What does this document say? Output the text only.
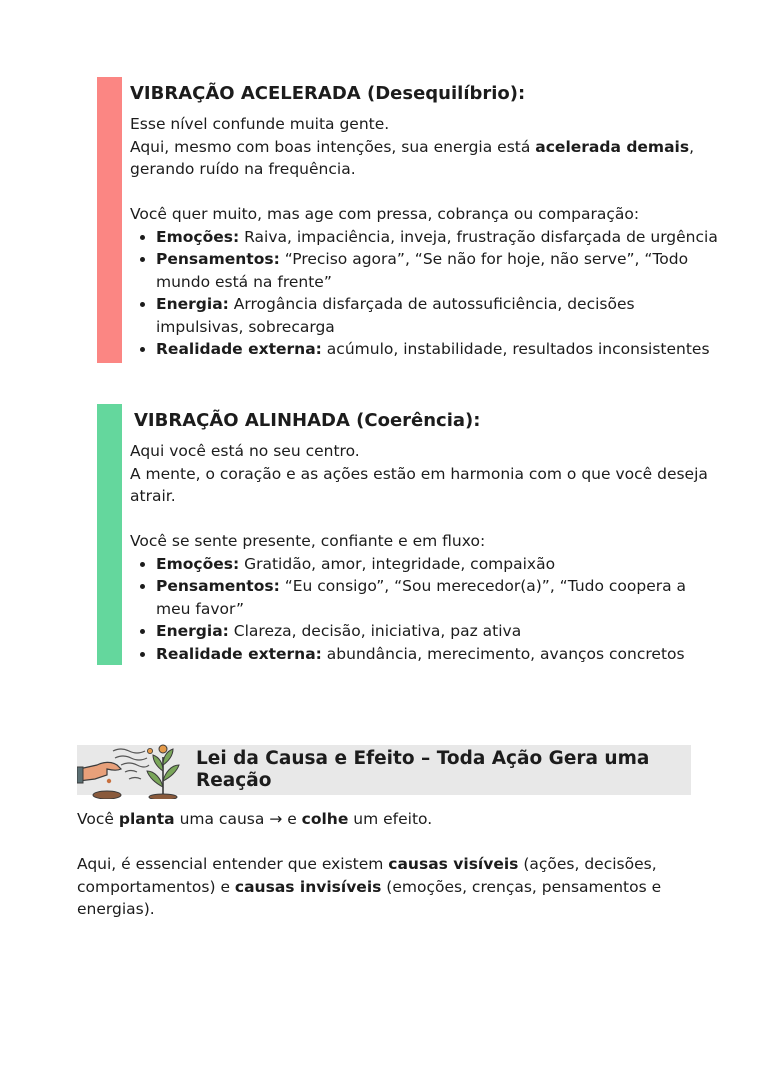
VIBRAÇÃO ACELERADA (Desequilíbrio):

Esse nível confunde muita gente.

Aqui, mesmo com boas intenções, sua energia está acelerada demais, gerando ruído na frequência.

Você quer muito, mas age com pressa, cobrança ou comparação:

• Emoções: Raiva, impaciência, inveja, frustração disfarçada de urgência
• Pensamentos: “Preciso agora”, “Se não for hoje, não serve”, “Todo mundo está na frente”
• Energia: Arrogância disfarçada de autossuficiência, decisões impulsivas, sobrecarga
• Realidade externa: acúmulo, instabilidade, resultados inconsistentes
VIBRAÇÃO ALINHADA (Coerência):

Aqui você está no seu centro.

A mente, o coração e as ações estão em harmonia com o que você deseja atrair.

Você se sente presente, confiante e em fluxo:

• Emoções: Gratidão, amor, integridade, compaixão
• Pensamentos: “Eu consigo”, “Sou merecedor(a)”, “Tudo coopera a meu favor”
• Energia: Clareza, decisão, iniciativa, paz ativa
• Realidade externa: abundância, merecimento, avanços concretos
Lei da Causa e Efeito – Toda Ação Gera uma Reação

Você planta uma causa → e colhe um efeito.

Aqui, é essencial entender que existem causas visíveis (ações, decisões, comportamentos) e causas invisíveis (emoções, crenças, pensamentos e energias).
